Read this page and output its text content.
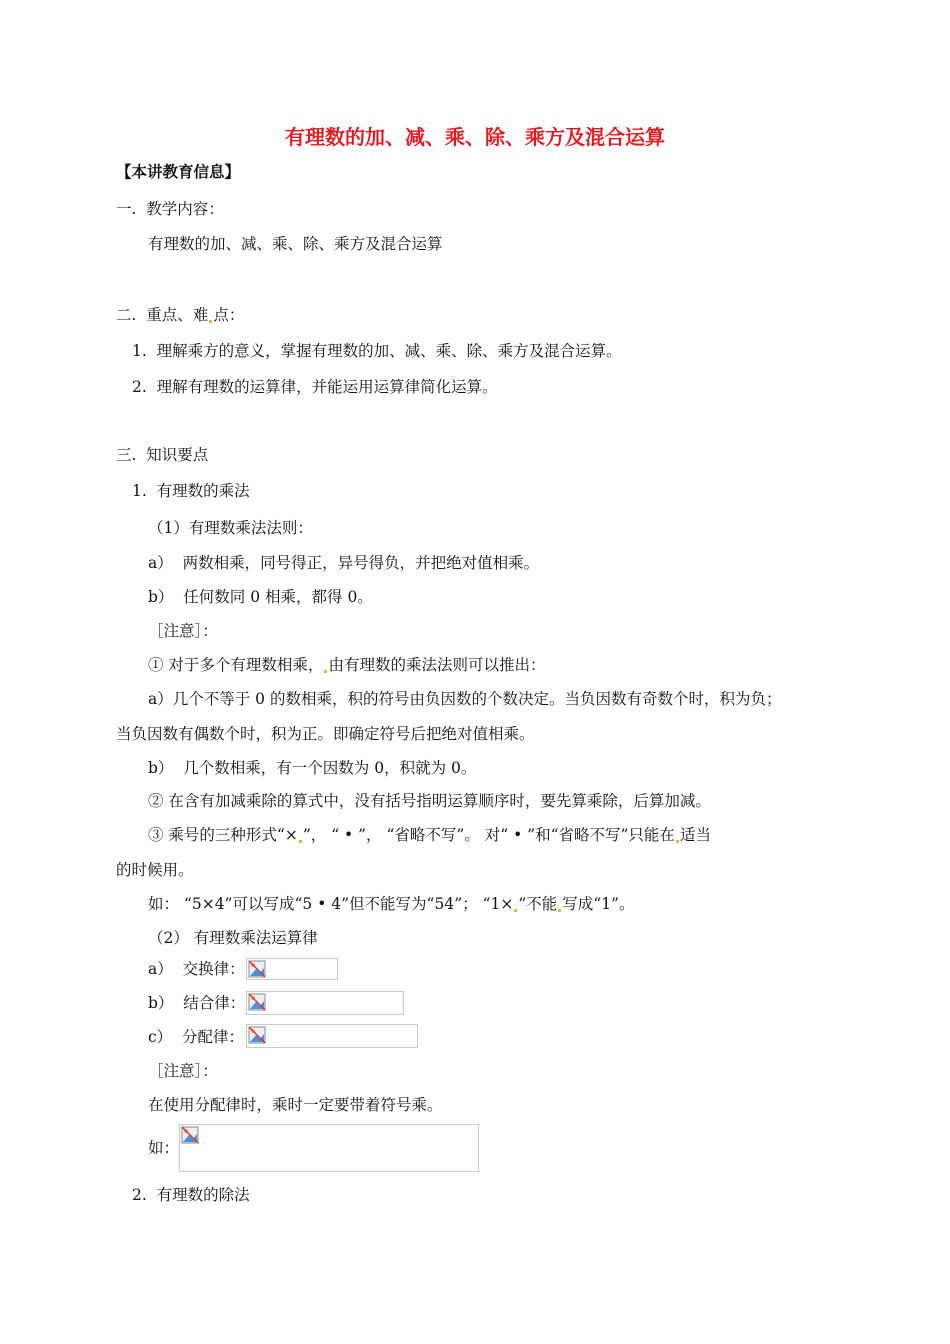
有理数的加、减、乘、除、乘方及混合运算
【本讲教育信息】
一. 教学内容：
有理数的加、减、乘、除、乘方及混合运算
二. 重点、难 点：
1. 理解乘方的意义，掌握有理数的加、减、乘、除、乘方及混合运算。
2. 理解有理数的运算律，并能运用运算律简化运算。
三. 知识要点
1. 有理数的乘法
（1）有理数乘法法则：
a） 两数相乘，同号得正，异号得负，并把绝对值相乘。
b） 任何数同 0 相乘，都得 0。
［注意］：
① 对于多个有理数相乘， 由有理数的乘法法则可以推出：
a）几个不等于 0 的数相乘，积的符号由负因数的个数决定。当负因数有奇数个时，积为负；
当负因数有偶数个时，积为正。即确定符号后把绝对值相乘。
b） 几个数相乘，有一个因数为 0，积就为 0。
② 在含有加减乘除的算式中，没有括号指明运算顺序时，要先算乘除，后算加减。
③ 乘号的三种形式“× ”， “ • ”， “省略不写”。 对“ • ”和“省略不写”只能在 适当
的时候用。
如： “5×4”可以写成“5 • 4”但不能写为“54”； “1× ”不能 写成“1”。
（2） 有理数乘法运算律
a） 交换律：
b） 结合律：
c） 分配律：
［注意］：
在使用分配律时，乘时一定要带着符号乘。
如：
2. 有理数的除法
